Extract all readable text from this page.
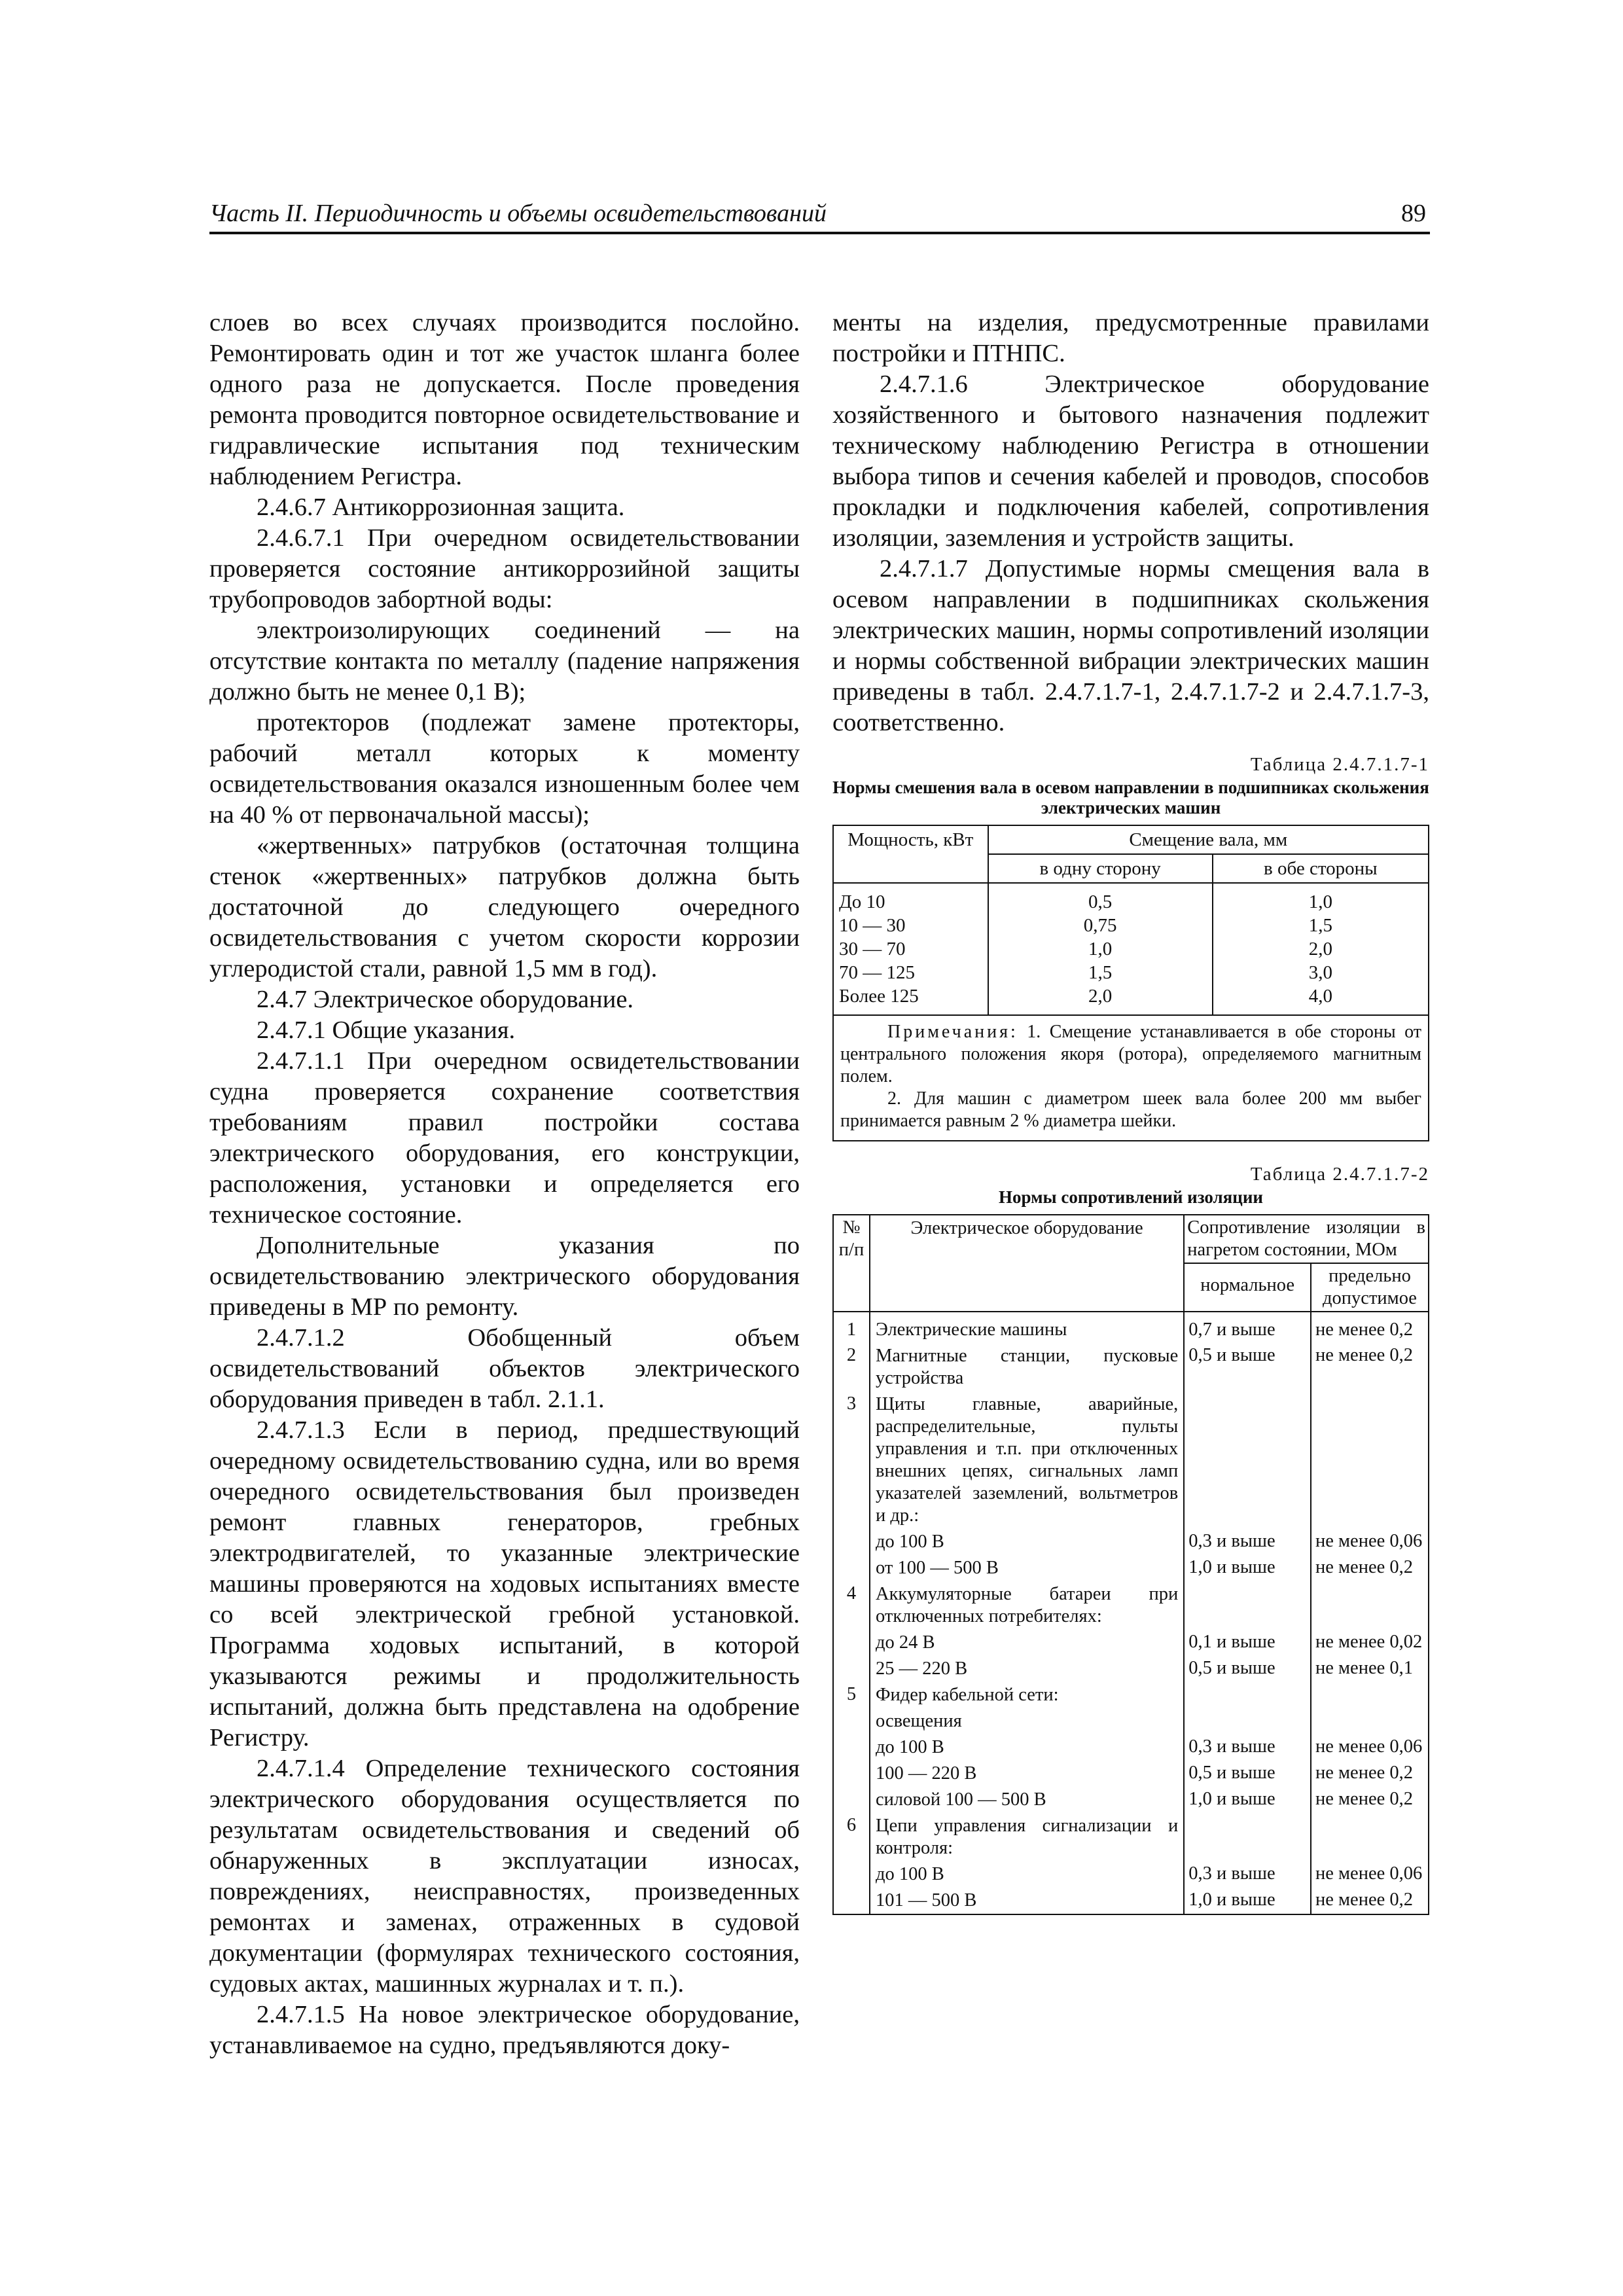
Часть II. Периодичность и объемы освидетельствований	89

слоев во всех случаях производится послойно. Ремонтировать один и тот же участок шланга более одного раза не допускается. После проведения ремонта проводится повторное освидетельствование и гидравлические испытания под техническим наблюдением Регистра.

2.4.6.7 Антикоррозионная защита.

2.4.6.7.1 При очередном освидетельствовании проверяется состояние антикоррозийной защиты трубопроводов забортной воды:

электроизолирующих соединений — на отсутствие контакта по металлу (падение напряжения должно быть не менее 0,1 В);

протекторов (подлежат замене протекторы, рабочий металл которых к моменту освидетельствования оказался изношенным более чем на 40 % от первоначальной массы);

«жертвенных» патрубков (остаточная толщина стенок «жертвенных» патрубков должна быть достаточной до следующего очередного освидетельствования с учетом скорости коррозии углеродистой стали, равной 1,5 мм в год).

2.4.7 Электрическое оборудование.

2.4.7.1 Общие указания.

2.4.7.1.1 При очередном освидетельствовании судна проверяется сохранение соответствия требованиям правил постройки состава электрического оборудования, его конструкции, расположения, установки и определяется его техническое состояние.

Дополнительные указания по освидетельствованию электрического оборудования приведены в МР по ремонту.

2.4.7.1.2 Обобщенный объем освидетельствований объектов электрического оборудования приведен в табл. 2.1.1.

2.4.7.1.3 Если в период, предшествующий очередному освидетельствованию судна, или во время очередного освидетельствования был произведен ремонт главных генераторов, гребных электродвигателей, то указанные электрические машины проверяются на ходовых испытаниях вместе со всей электрической гребной установкой. Программа ходовых испытаний, в которой указываются режимы и продолжительность испытаний, должна быть представлена на одобрение Регистру.

2.4.7.1.4 Определение технического состояния электрического оборудования осуществляется по результатам освидетельствования и сведений об обнаруженных в эксплуатации износах, повреждениях, неисправностях, произведенных ремонтах и заменах, отраженных в судовой документации (формулярах технического состояния, судовых актах, машинных журналах и т. п.).

2.4.7.1.5 На новое электрическое оборудование, устанавливаемое на судно, предъявляются доку-

менты на изделия, предусмотренные правилами постройки и ПТНПС.

2.4.7.1.6 Электрическое оборудование хозяйственного и бытового назначения подлежит техническому наблюдению Регистра в отношении выбора типов и сечения кабелей и проводов, способов прокладки и подключения кабелей, сопротивления изоляции, заземления и устройств защиты.

2.4.7.1.7 Допустимые нормы смещения вала в осевом направлении в подшипниках скольжения электрических машин, нормы сопротивлений изоляции и нормы собственной вибрации электрических машин приведены в табл. 2.4.7.1.7-1, 2.4.7.1.7-2 и 2.4.7.1.7-3, соответственно.

Таблица 2.4.7.1.7-1
Нормы смешения вала в осевом направлении в подшипниках скольжения электрических машин
Мощность, кВт	Смещение вала, мм	
	в одну сторону	в обе стороны
До 10	0,5	1,0
10 — 30	0,75	1,5
30 — 70	1,0	2,0
70 — 125	1,5	3,0
Более 125	2,0	4,0

Примечания: 1. Смещение устанавливается в обе стороны от центрального положения якоря (ротора), определяемого магнитным полем.
2. Для машин с диаметром шеек вала более 200 мм выбег принимается равным 2 % диаметра шейки.		
Таблица 2.4.7.1.7-2
Нормы сопротивлений изоляции
№ п/п	Электрическое оборудование	Сопротивление изоляции в нагретом состоянии, МОм	
		нормальное	предельно допустимое
1	Электрические машины	0,7 и выше	не менее 0,2
2	Магнитные станции, пусковые устройства	0,5 и выше	не менее 0,2
3	Щиты главные, аварийные, распределительные, пульты управления и т.п. при отключенных внешних цепях, сигнальных ламп указателей заземлений, вольтметров и др.:		
	до 100 В	0,3 и выше	не менее 0,06
	от 100 — 500 В	1,0 и выше	не менее 0,2
4	Аккумуляторные батареи при отключенных потребителях:		
	до 24 В	0,1 и выше	не менее 0,02
	25 — 220 В	0,5 и выше	не менее 0,1
5	Фидер кабельной сети:		
	освещения		
	до 100 В	0,3 и выше	не менее 0,06
	100 — 220 В	0,5 и выше	не менее 0,2
	силовой 100 — 500 В	1,0 и выше	не менее 0,2
6	Цепи управления сигнализации и контроля:		
	до 100 В	0,3 и выше	не менее 0,06
	101 — 500 В	1,0 и выше	не менее 0,2
